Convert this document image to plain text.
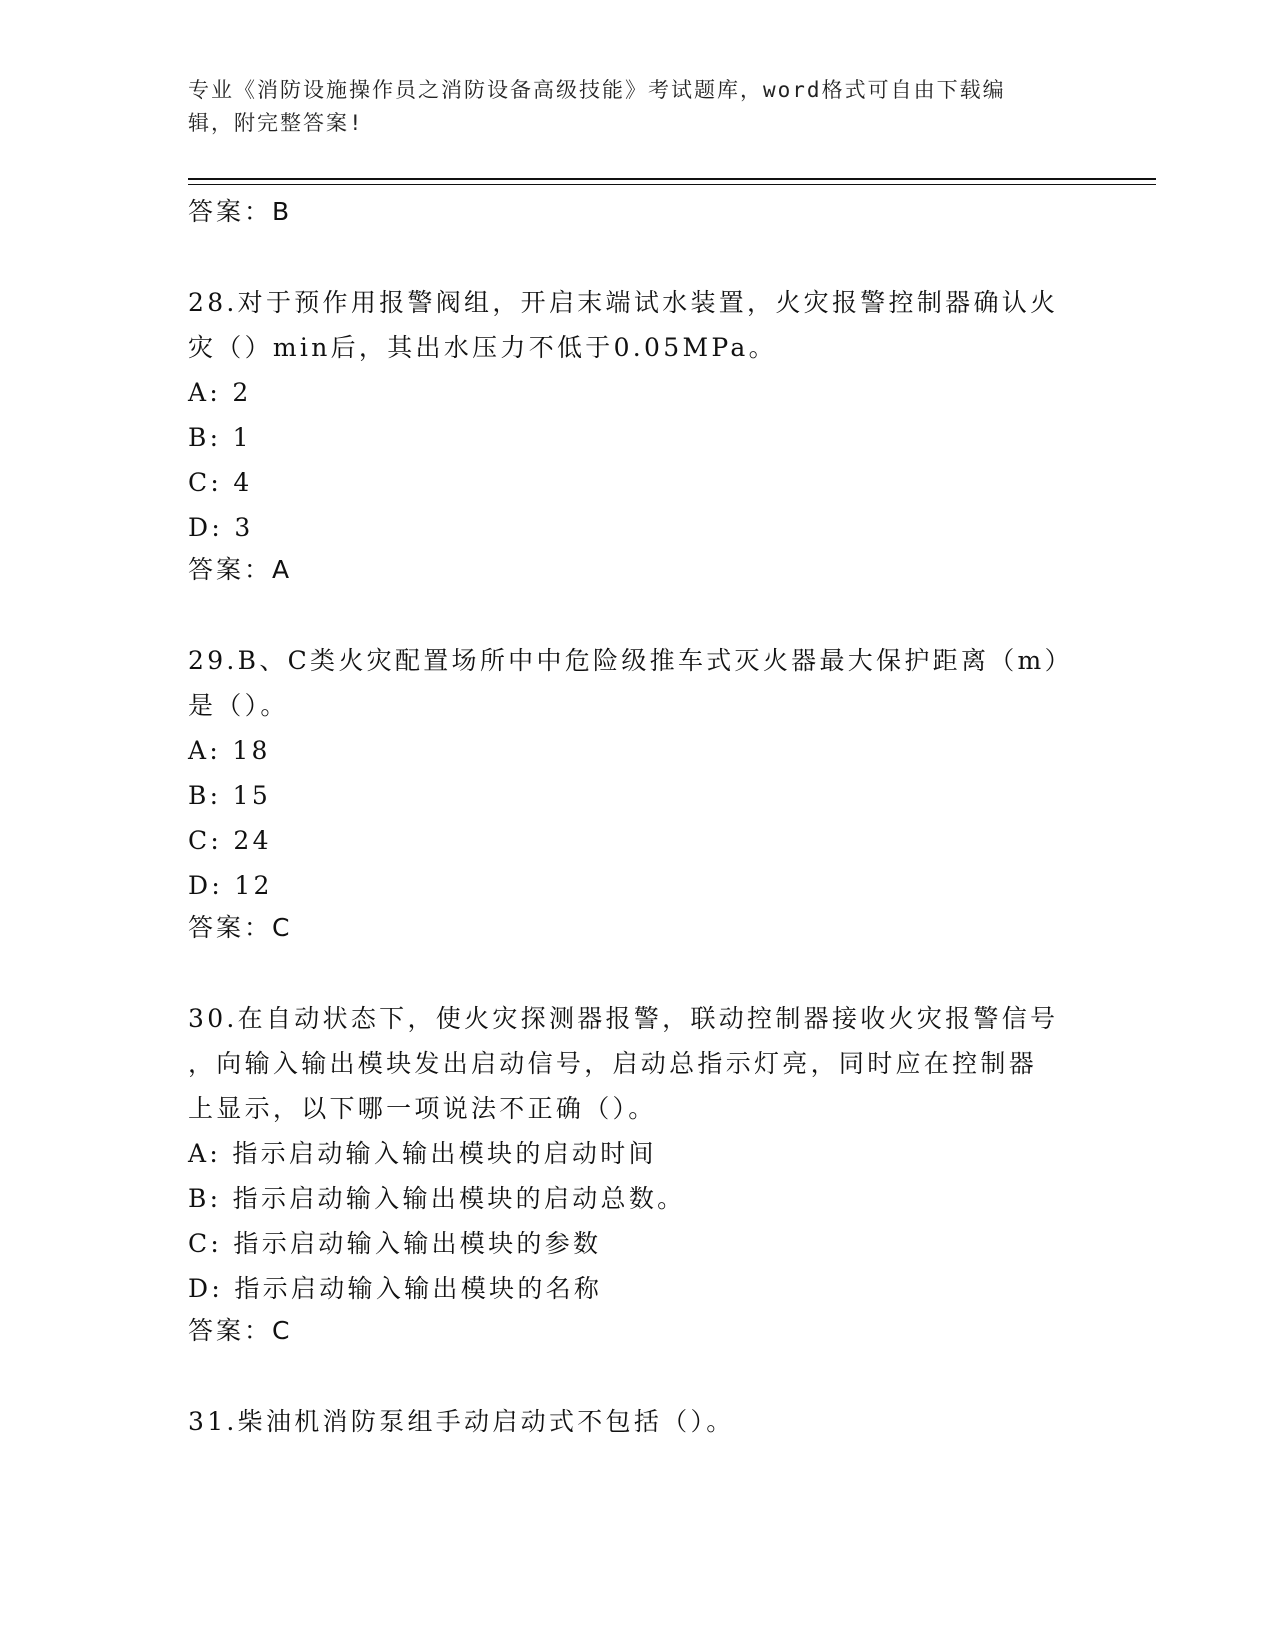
专业《消防设施操作员之消防设备高级技能》考试题库，word格式可自由下载编
辑，附完整答案!

答案：B

28.对于预作用报警阀组，开启末端试水装置，火灾报警控制器确认火

灾（）min后，其出水压力不低于0.05MPa。

A: 2

B: 1

C: 4

D: 3

答案：A

29.B、C类火灾配置场所中中危险级推车式灭火器最大保护距离（m）

是（）。

A: 18

B: 15

C: 24

D: 12

答案：C

30.在自动状态下，使火灾探测器报警，联动控制器接收火灾报警信号

，向输入输出模块发出启动信号，启动总指示灯亮，同时应在控制器

上显示，以下哪一项说法不正确（）。

A: 指示启动输入输出模块的启动时间

B: 指示启动输入输出模块的启动总数。

C: 指示启动输入输出模块的参数

D: 指示启动输入输出模块的名称

答案：C

31.柴油机消防泵组手动启动式不包括（）。
